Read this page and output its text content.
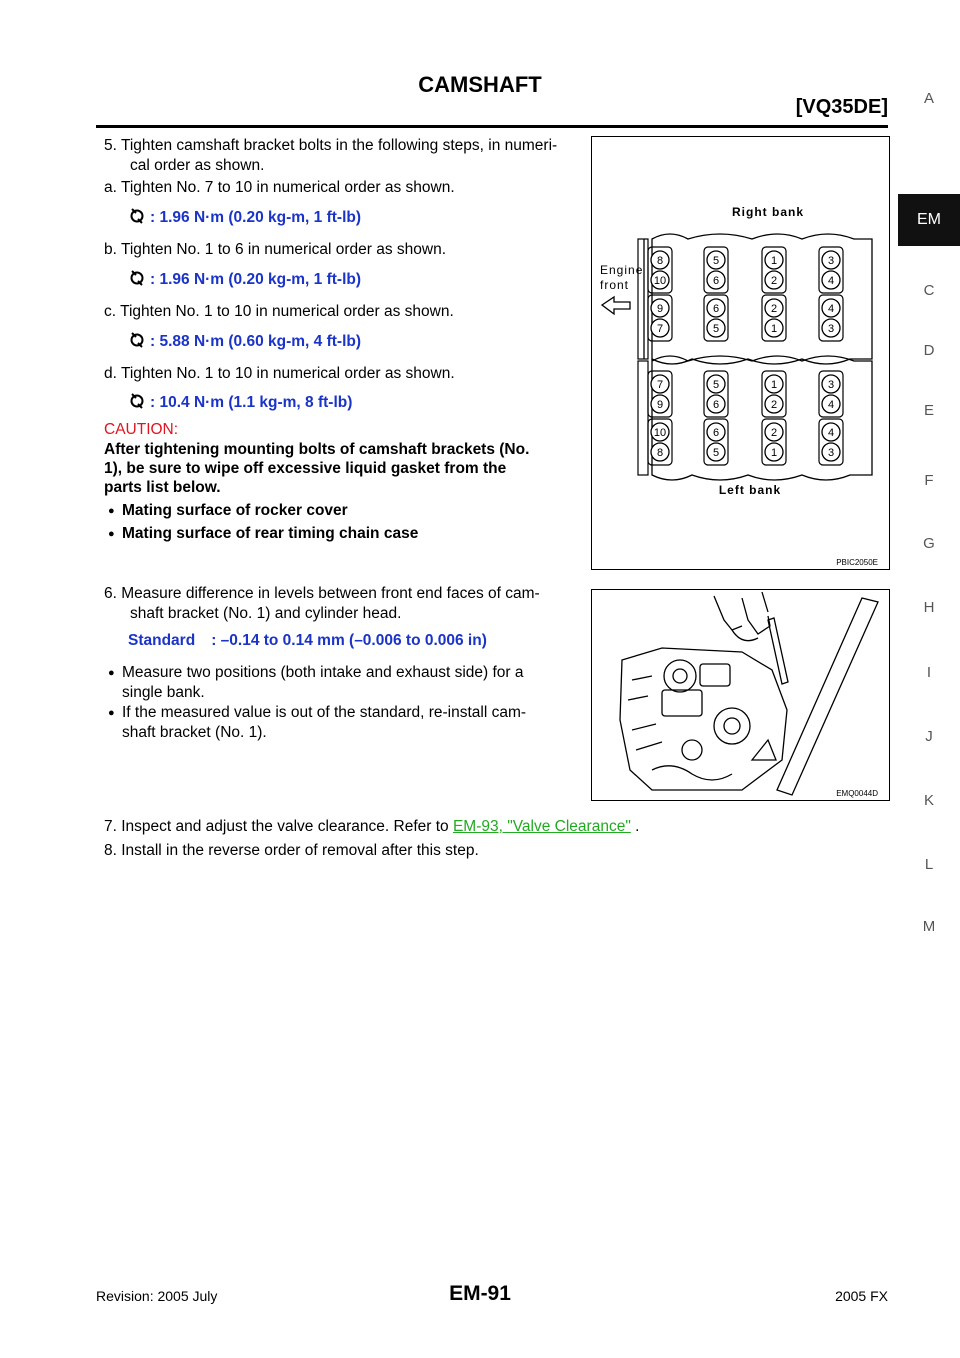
CAMSHAFT
[VQ35DE]	A
EM
C
D
E
F
G
H
I
J
K
L
M
5. Tighten camshaft bracket bolts in the following steps, in numeri-
cal order as shown.
a. Tighten No. 7 to 10 in numerical order as shown.
: 1.96 N·m (0.20 kg-m, 1 ft-lb)
b. Tighten No. 1 to 6 in numerical order as shown.
: 1.96 N·m (0.20 kg-m, 1 ft-lb)
c. Tighten No. 1 to 10 in numerical order as shown.
: 5.88 N·m (0.60 kg-m, 4 ft-lb)
d. Tighten No. 1 to 10 in numerical order as shown.
: 10.4 N·m (1.1 kg-m, 8 ft-lb)
CAUTION:
After tightening mounting bolts of camshaft brackets (No.
1), be sure to wipe off excessive liquid gasket from the
parts list below.
● Mating surface of rocker cover
● Mating surface of rear timing chain case
6. Measure difference in levels between front end faces of cam-
shaft bracket (No. 1) and cylinder head.
Standard : –0.14 to 0.14 mm (–0.006 to 0.006 in)
● Measure two positions (both intake and exhaust side) for a
single bank.
● If the measured value is out of the standard, re-install cam-
shaft bracket (No. 1).
7. Inspect and adjust the valve clearance. Refer to EM-93, "Valve Clearance" .
8. Install in the reverse order of removal after this step.
8	5	1	3
10	6	2	4
9	6	2	4
7	5	1	3
7	5	1	3
9	6	2	4
10	6	2	4
8	5	1	3
Right bank
Left bank
Engine
front
PBIC2050E
EMQ0044D
Revision: 2005 July	EM-91	2005 FX
